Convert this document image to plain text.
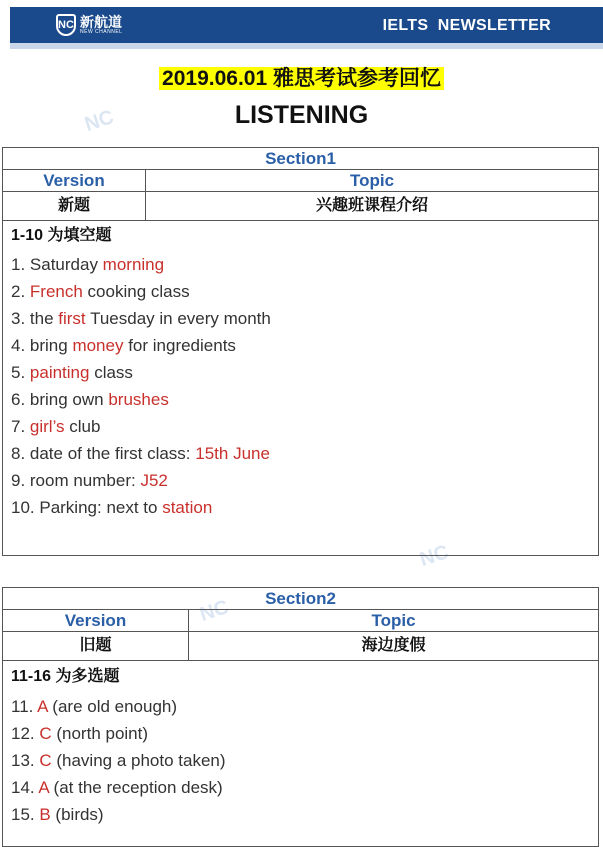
NC 新航道
NEW CHANNEL	IELTS  NEWSLETTER
NC
NC
NC
2019.06.01 雅思考试参考回忆
LISTENING
Section1
Version	Topic
新题	兴趣班课程介绍
1-10 为填空题
1. Saturday morning
2. French cooking class
3. the first Tuesday in every month
4. bring money for ingredients
5. painting class
6. bring own brushes
7. girl’s club
8. date of the first class: 15th June
9. room number: J52
10. Parking: next to station
Section2
Version	Topic
旧题	海边度假
11-16 为多选题
11. A (are old enough)
12. C (north point)
13. C (having a photo taken)
14. A (at the reception desk)
15. B (birds)
